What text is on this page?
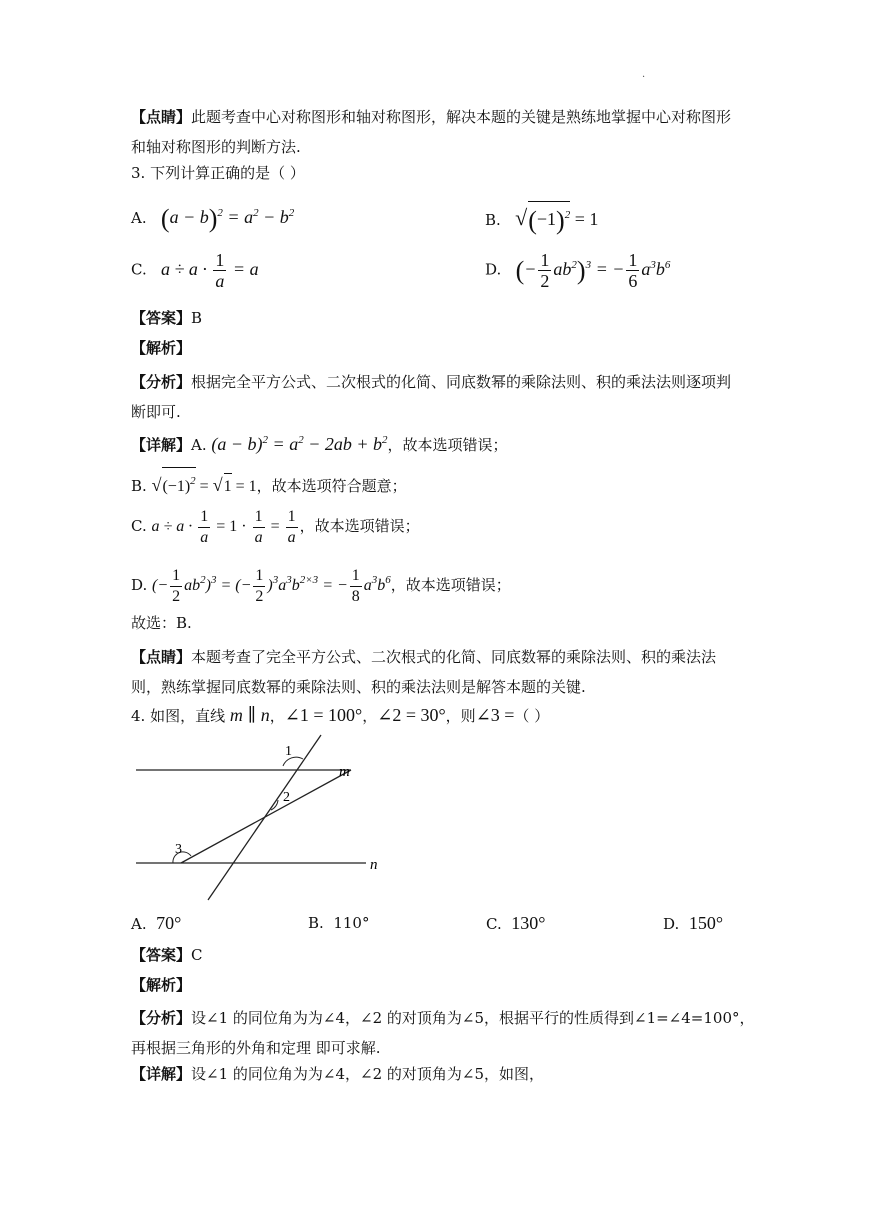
·
【点睛】此题考查中心对称图形和轴对称图形，解决本题的关键是熟练地掌握中心对称图形和轴对称图形的判断方法.
3. 下列计算正确的是（ ）
A. $(a - b)^2 = a^2 - b^2$	B. $√(-1)^2 = 1$
C. $a \div a \cdot \frac{1}{a} = a$	D. (− $\frac{1}{2} ab^2)^3$ = − $\frac{1}{6} a^3b^6$
【答案】B
【解析】
【分析】根据完全平方公式、二次根式的化简、同底数幂的乘除法则、积的乘法法则逐项判断即可.
【详解】A. $(a - b)^2 = a^2 - 2ab + b^2$，故本选项错误；
B. $√(-1)^2 = √1 = 1$，故本选项符合题意；
C. $a \div a \cdot \frac{1}{a} = 1 \cdot \frac{1}{a} = \frac{1}{a}$ ，故本选项错误；
D. (− $\frac{1}{2} ab^2)^3$ = (− $\frac{1}{2} )^3a^3b^{2\times 3}$ = − $\frac{1}{8} a^3b^6$，故本选项错误；
故选：B.
【点睛】本题考查了完全平方公式、二次根式的化简、同底数幂的乘除法则、积的乘法法则，熟练掌握同底数幂的乘除法则、积的乘法法则是解答本题的关键.
4. 如图，直线 m ∥ n，∠1 = 100°，∠2 = 30°，则∠3 =（ ）
1
2
3
m
n
A. 70°	B. 110°	C. 130°	D. 150°
【答案】C
【解析】
【分析】设∠1 的同位角为为∠4，∠2 的对顶角为∠5，根据平行的性质得到∠1=∠4=100°，再根据三角形的外角和定理 即可求解.
【详解】设∠1 的同位角为为∠4，∠2 的对顶角为∠5，如图，
